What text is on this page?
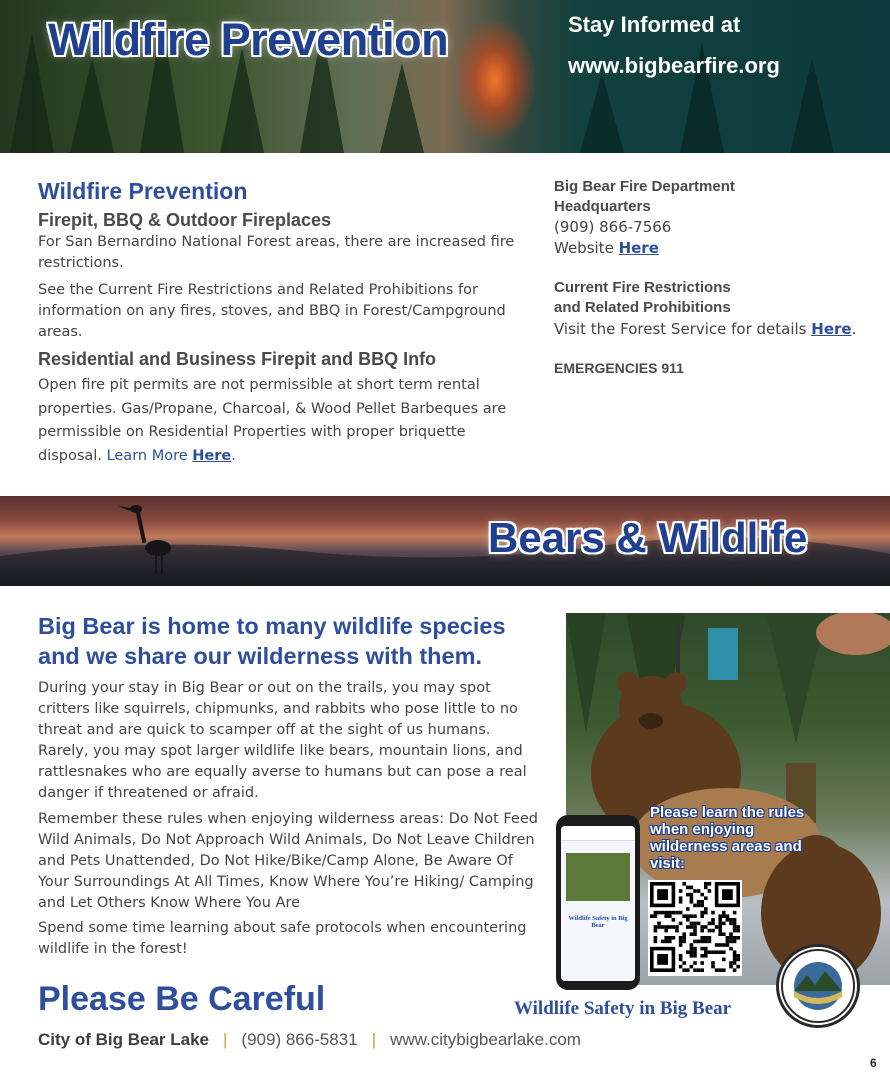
Wildfire Prevention	Stay Informed at
www.bigbearfire.org
Wildfire Prevention
Firepit, BBQ & Outdoor Fireplaces
For San Bernardino National Forest areas, there are increased fire restrictions.
See the Current Fire Restrictions and Related Prohibitions for information on any fires, stoves, and BBQ in Forest/Campground areas.
Residential and Business Firepit and BBQ Info
Open fire pit permits are not permissible at short term rental properties. Gas/Propane, Charcoal, & Wood Pellet Barbeques are permissible on Residential Properties with proper briquette disposal. Learn More Here.
Big Bear Fire Department
Headquarters
(909) 866-7566
Website Here
Current Fire Restrictions
and Related Prohibitions
Visit the Forest Service for details Here.
EMERGENCIES 911
Bears & Wildlife
Big Bear is home to many wildlife species
and we share our wilderness with them.
During your stay in Big Bear or out on the trails, you may spot critters like squirrels, chipmunks, and rabbits who pose little to no threat and are quick to scamper off at the sight of us humans. Rarely, you may spot larger wildlife like bears, mountain lions, and rattlesnakes who are equally averse to humans but can pose a real danger if threatened or afraid.
Remember these rules when enjoying wilderness areas: Do Not Feed Wild Animals, Do Not Approach Wild Animals, Do Not Leave Children and Pets Unattended, Do Not Hike/Bike/Camp Alone, Be Aware Of Your Surroundings At All Times, Know Where You’re Hiking/ Camping and Let Others Know Where You Are
Spend some time learning about safe protocols when encountering wildlife in the forest!
Please learn the rules when enjoying wilderness areas and visit:
Wildlife Safety in Big Bear
Please Be Careful	Wildlife Safety in Big Bear
City of Big Bear Lake | (909) 866-5831 | www.citybigbearlake.com
6
